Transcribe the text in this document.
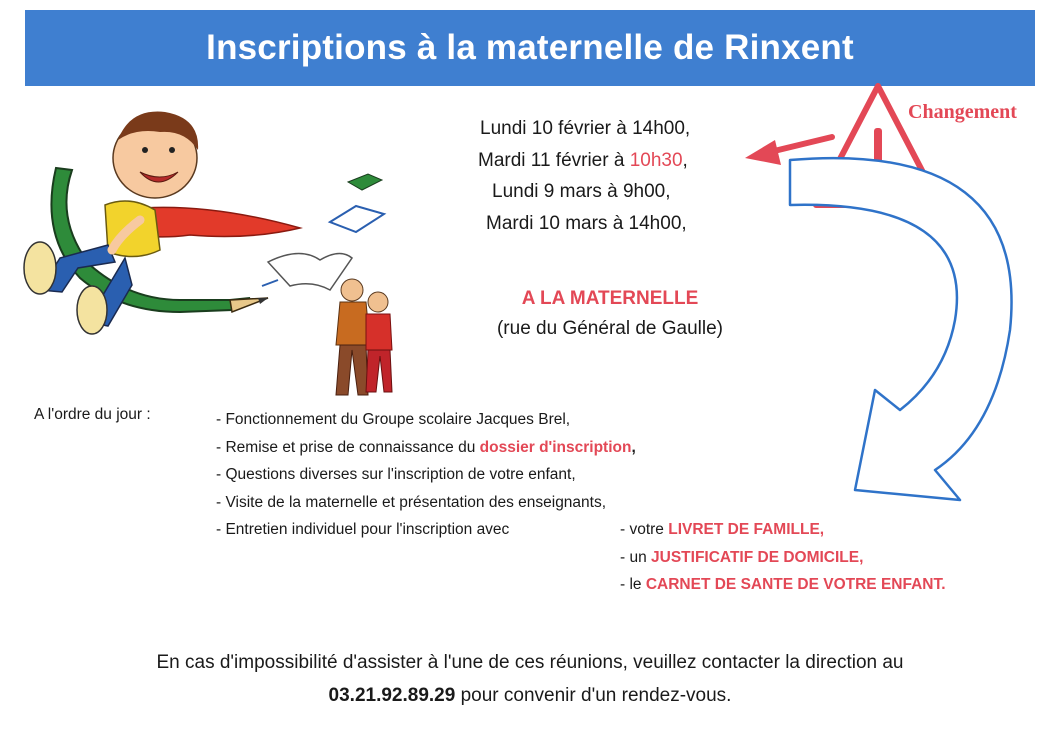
Inscriptions à la maternelle de Rinxent
Changement
Lundi 10 février à 14h00,
Mardi 11 février à 10h30,
Lundi 9 mars à 9h00,
Mardi 10 mars à 14h00,
A LA MATERNELLE
(rue du Général de Gaulle)
A l'ordre du jour :	- Fonctionnement du Groupe scolaire Jacques Brel,
- Remise et prise de connaissance du dossier d'inscription,
- Questions diverses sur l'inscription de votre enfant,
- Visite de la maternelle et présentation des enseignants,
- Entretien individuel pour l'inscription avec	- votre LIVRET DE FAMILLE,
- un JUSTIFICATIF DE DOMICILE,
- le CARNET DE SANTE DE VOTRE ENFANT.
En cas d'impossibilité d'assister à l'une de ces réunions, veuillez contacter la direction au
03.21.92.89.29 pour convenir d'un rendez-vous.
